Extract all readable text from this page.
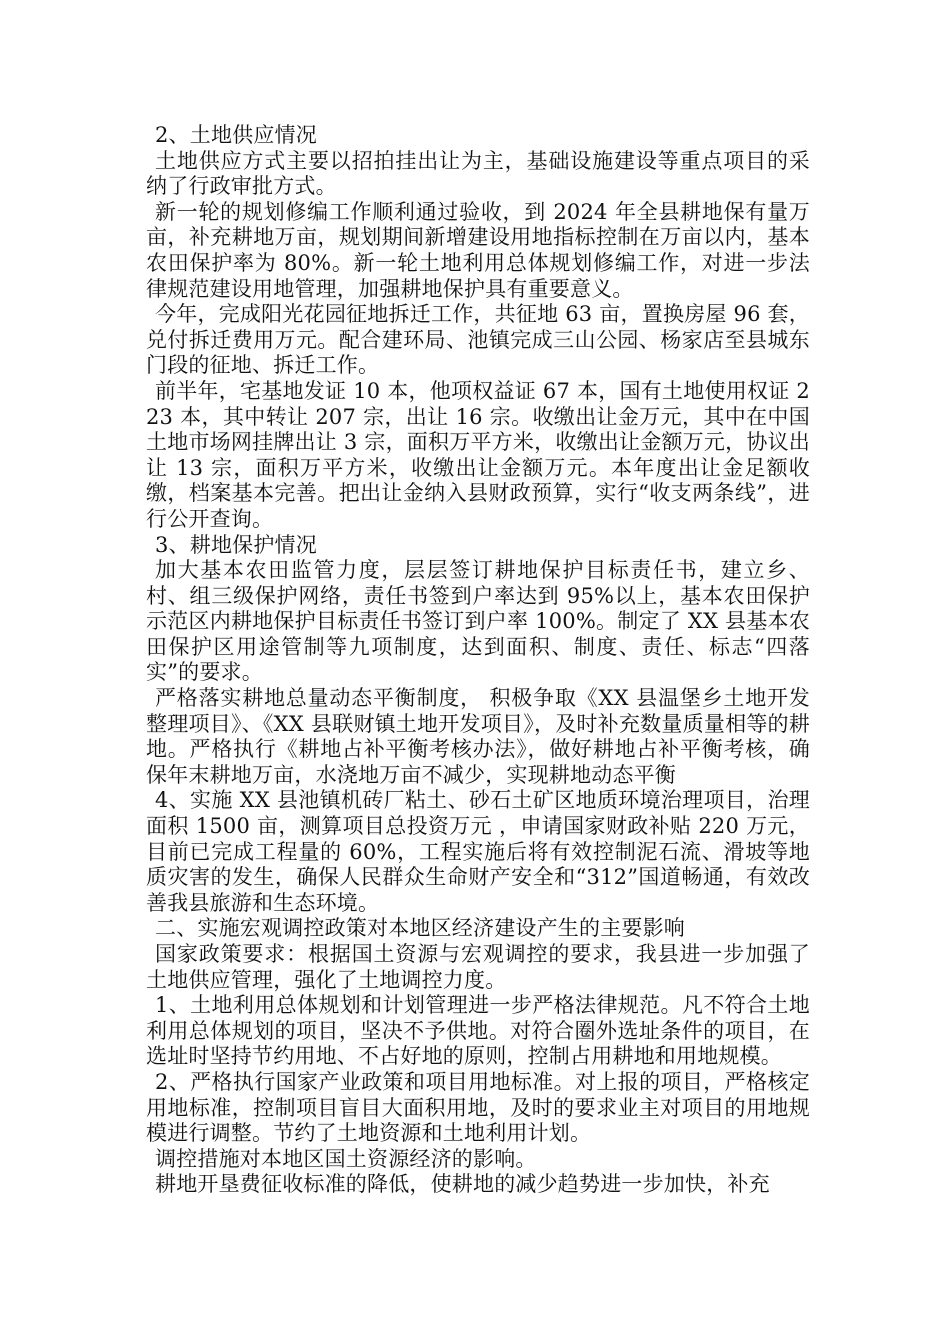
2、土地供应情况

土地供应方式主要以招拍挂出让为主，基础设施建设等重点项目的采纳了行政审批方式。

新一轮的规划修编工作顺利通过验收，到 2024 年全县耕地保有量万亩，补充耕地万亩，规划期间新增建设用地指标控制在万亩以内，基本农田保护率为 80%。新一轮土地利用总体规划修编工作，对进一步法律规范建设用地管理，加强耕地保护具有重要意义。

今年，完成阳光花园征地拆迁工作，共征地 63 亩，置换房屋 96 套，兑付拆迁费用万元。配合建环局、池镇完成三山公园、杨家店至县城东门段的征地、拆迁工作。

前半年，宅基地发证 10 本，他项权益证 67 本，国有土地使用权证 223 本，其中转让 207 宗，出让 16 宗。收缴出让金万元，其中在中国土地市场网挂牌出让 3 宗，面积万平方米，收缴出让金额万元，协议出让 13 宗，面积万平方米，收缴出让金额万元。本年度出让金足额收缴，档案基本完善。把出让金纳入县财政预算，实行“收支两条线”，进行公开查询。

3、耕地保护情况

加大基本农田监管力度，层层签订耕地保护目标责任书，建立乡、村、组三级保护网络，责任书签到户率达到 95%以上，基本农田保护示范区内耕地保护目标责任书签订到户率 100%。制定了 XX 县基本农田保护区用途管制等九项制度，达到面积、制度、责任、标志“四落实”的要求。

严格落实耕地总量动态平衡制度， 积极争取《XX 县温堡乡土地开发整理项目》、《XX 县联财镇土地开发项目》，及时补充数量质量相等的耕地。严格执行《耕地占补平衡考核办法》，做好耕地占补平衡考核，确保年末耕地万亩，水浇地万亩不减少，实现耕地动态平衡

4、实施 XX 县池镇机砖厂粘土、砂石土矿区地质环境治理项目，治理面积 1500 亩，测算项目总投资万元 ，申请国家财政补贴 220 万元，目前已完成工程量的 60%，工程实施后将有效控制泥石流、滑坡等地质灾害的发生，确保人民群众生命财产安全和“312”国道畅通，有效改善我县旅游和生态环境。

二、实施宏观调控政策对本地区经济建设产生的主要影响

国家政策要求：根据国土资源与宏观调控的要求，我县进一步加强了土地供应管理，强化了土地调控力度。

1、土地利用总体规划和计划管理进一步严格法律规范。凡不符合土地利用总体规划的项目，坚决不予供地。对符合圈外选址条件的项目，在选址时坚持节约用地、不占好地的原则，控制占用耕地和用地规模。

2、严格执行国家产业政策和项目用地标准。对上报的项目，严格核定用地标准，控制项目盲目大面积用地，及时的要求业主对项目的用地规模进行调整。节约了土地资源和土地利用计划。

调控措施对本地区国土资源经济的影响。

耕地开垦费征收标准的降低，使耕地的减少趋势进一步加快，补充
